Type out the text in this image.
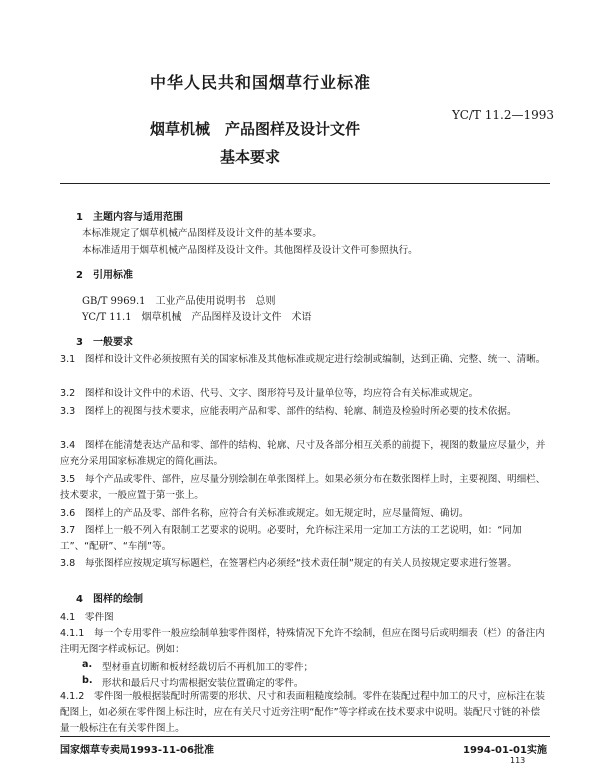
中华人民共和国烟草行业标准
烟草机械　产品图样及设计文件
基本要求
YC/T 11.2—1993
1　主题内容与适用范围
本标准规定了烟草机械产品图样及设计文件的基本要求。
本标准适用于烟草机械产品图样及设计文件。其他图样及设计文件可参照执行。
2　引用标准
GB/T 9969.1　工业产品使用说明书　总则
YC/T 11.1　烟草机械　产品图样及设计文件　术语
3　一般要求
3.1　图样和设计文件必须按照有关的国家标准及其他标准或规定进行绘制或编制，达到正确、完整、统一、清晰。
3.2　图样和设计文件中的术语、代号、文字、图形符号及计量单位等，均应符合有关标准或规定。
3.3　图样上的视图与技术要求，应能表明产品和零、部件的结构、轮廓、制造及检验时所必要的技术依据。
3.4　图样在能清楚表达产品和零、部件的结构、轮廓、尺寸及各部分相互关系的前提下，视图的数量应尽量少，并应充分采用国家标准规定的简化画法。
3.5　每个产品或零件、部件，应尽量分别绘制在单张图样上。如果必须分布在数张图样上时，主要视图、明细栏、技术要求，一般应置于第一张上。
3.6　图样上的产品及零、部件名称，应符合有关标准或规定。如无规定时，应尽量简短、确切。
3.7　图样上一般不列入有限制工艺要求的说明。必要时，允许标注采用一定加工方法的工艺说明，如：“同加工”、“配研”、“车削”等。
3.8　每张图样应按规定填写标题栏，在签署栏内必须经“技术责任制”规定的有关人员按规定要求进行签署。
4　图样的绘制
4.1　零件图
4.1.1　每一个专用零件一般应绘制单独零件图样，特殊情况下允许不绘制，但应在图号后或明细表（栏）的备注内注明无图字样或标记。例如：
a. 型材垂直切断和板材经裁切后不再机加工的零件；
b. 形状和最后尺寸均需根据安装位置确定的零件。
4.1.2　零件图一般根据装配时所需要的形状、尺寸和表面粗糙度绘制。零件在装配过程中加工的尺寸，应标注在装配图上，如必须在零件图上标注时，应在有关尺寸近旁注明“配作”等字样或在技术要求中说明。装配尺寸链的补偿量一般标注在有关零件图上。
国家烟草专卖局1993-11-06批准	1994-01-01实施
113
